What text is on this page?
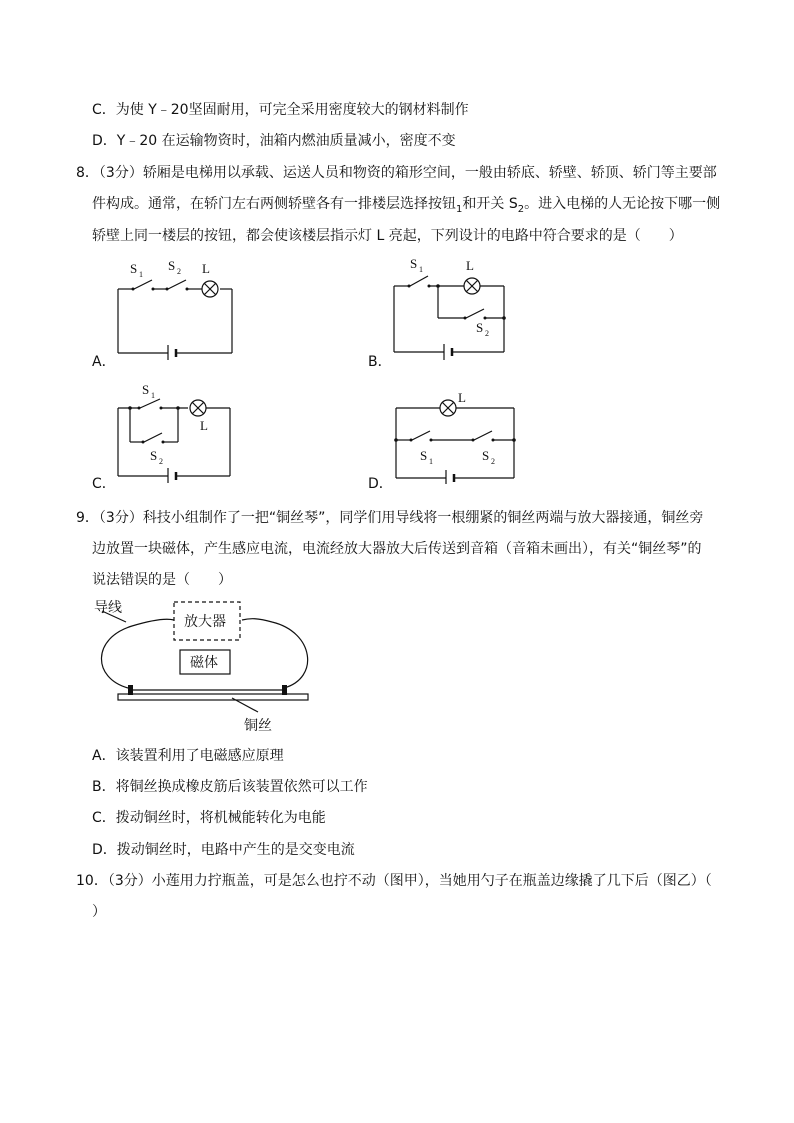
C．为使 Y﹣20坚固耐用，可完全采用密度较大的钢材料制作
D．Y﹣20 在运输物资时，油箱内燃油质量减小，密度不变
8．（3分）轿厢是电梯用以承载、运送人员和物资的箱形空间，一般由轿底、轿壁、轿顶、轿门等主要部
件构成。通常，在轿门左右两侧轿壁各有一排楼层选择按钮$_1$和开关 $S_2$。进入电梯的人无论按下哪一侧
轿壁上同一楼层的按钮，都会使该楼层指示灯 L 亮起，下列设计的电路中符合要求的是（　　）
A．
S 1
S 2 L
B．
S 1	L
S 2
C．
S 1
L
S 2
D．
L
S 1	S 2
9．（3分）科技小组制作了一把“铜丝琴”，同学们用导线将一根绷紧的铜丝两端与放大器接通，铜丝旁
边放置一块磁体，产生感应电流，电流经放大器放大后传送到音箱（音箱未画出），有关“铜丝琴”的
说法错误的是（　　）
导线
放大器
磁体
铜丝
A．该装置利用了电磁感应原理
B．将铜丝换成橡皮筋后该装置依然可以工作
C．拨动铜丝时，将机械能转化为电能
D．拨动铜丝时，电路中产生的是交变电流
10．（3分）小莲用力拧瓶盖，可是怎么也拧不动（图甲），当她用勺子在瓶盖边缘撬了几下后（图乙）（
）
